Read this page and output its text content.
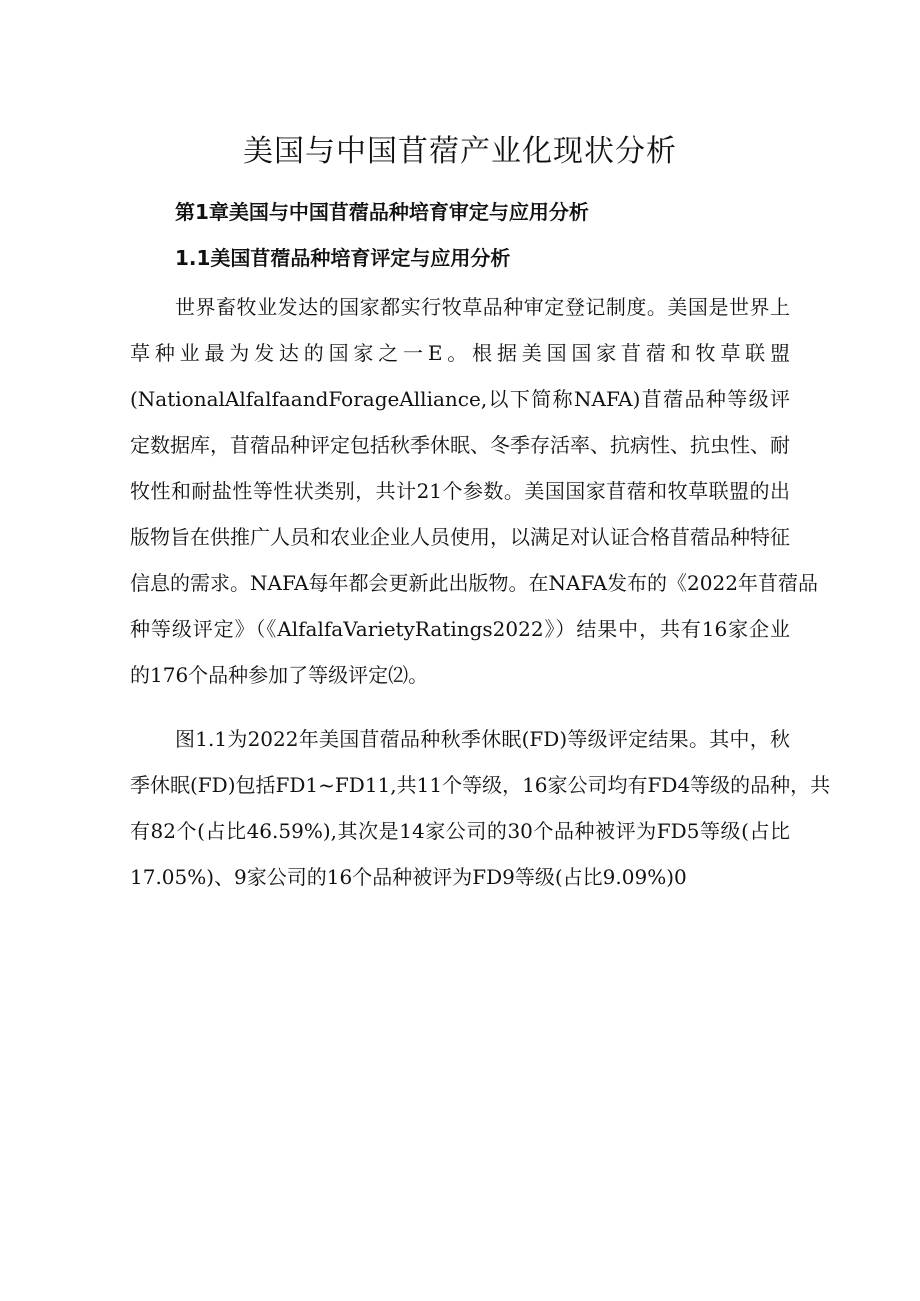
美国与中国苜蓿产业化现状分析
第1章美国与中国苜蓿品种培育审定与应用分析
1.1美国苜蓿品种培育评定与应用分析
世界畜牧业发达的国家都实行牧草品种审定登记制度。美国是世界上
草种业最为发达的国家之一E。根据美国国家苜蓿和牧草联盟
(NationalAlfalfaandForageAlliance,以下简称NAFA)苜蓿品种等级评
定数据库，苜蓿品种评定包括秋季休眠、冬季存活率、抗病性、抗虫性、耐
牧性和耐盐性等性状类别，共计21个参数。美国国家苜蓿和牧草联盟的出
版物旨在供推广人员和农业企业人员使用，以满足对认证合格苜蓿品种特征
信息的需求。NAFA每年都会更新此出版物。在NAFA发布的《2022年苜蓿品
种等级评定》（《AlfalfaVarietyRatings2022》）结果中，共有16家企业
的176个品种参加了等级评定⑵。
图1.1为2022年美国苜蓿品种秋季休眠(FD)等级评定结果。其中，秋
季休眠(FD)包括FD1~FD11,共11个等级，16家公司均有FD4等级的品种，共
有82个(占比46.59%),其次是14家公司的30个品种被评为FD5等级(占比
17.05%)、9家公司的16个品种被评为FD9等级(占比9.09%)0
